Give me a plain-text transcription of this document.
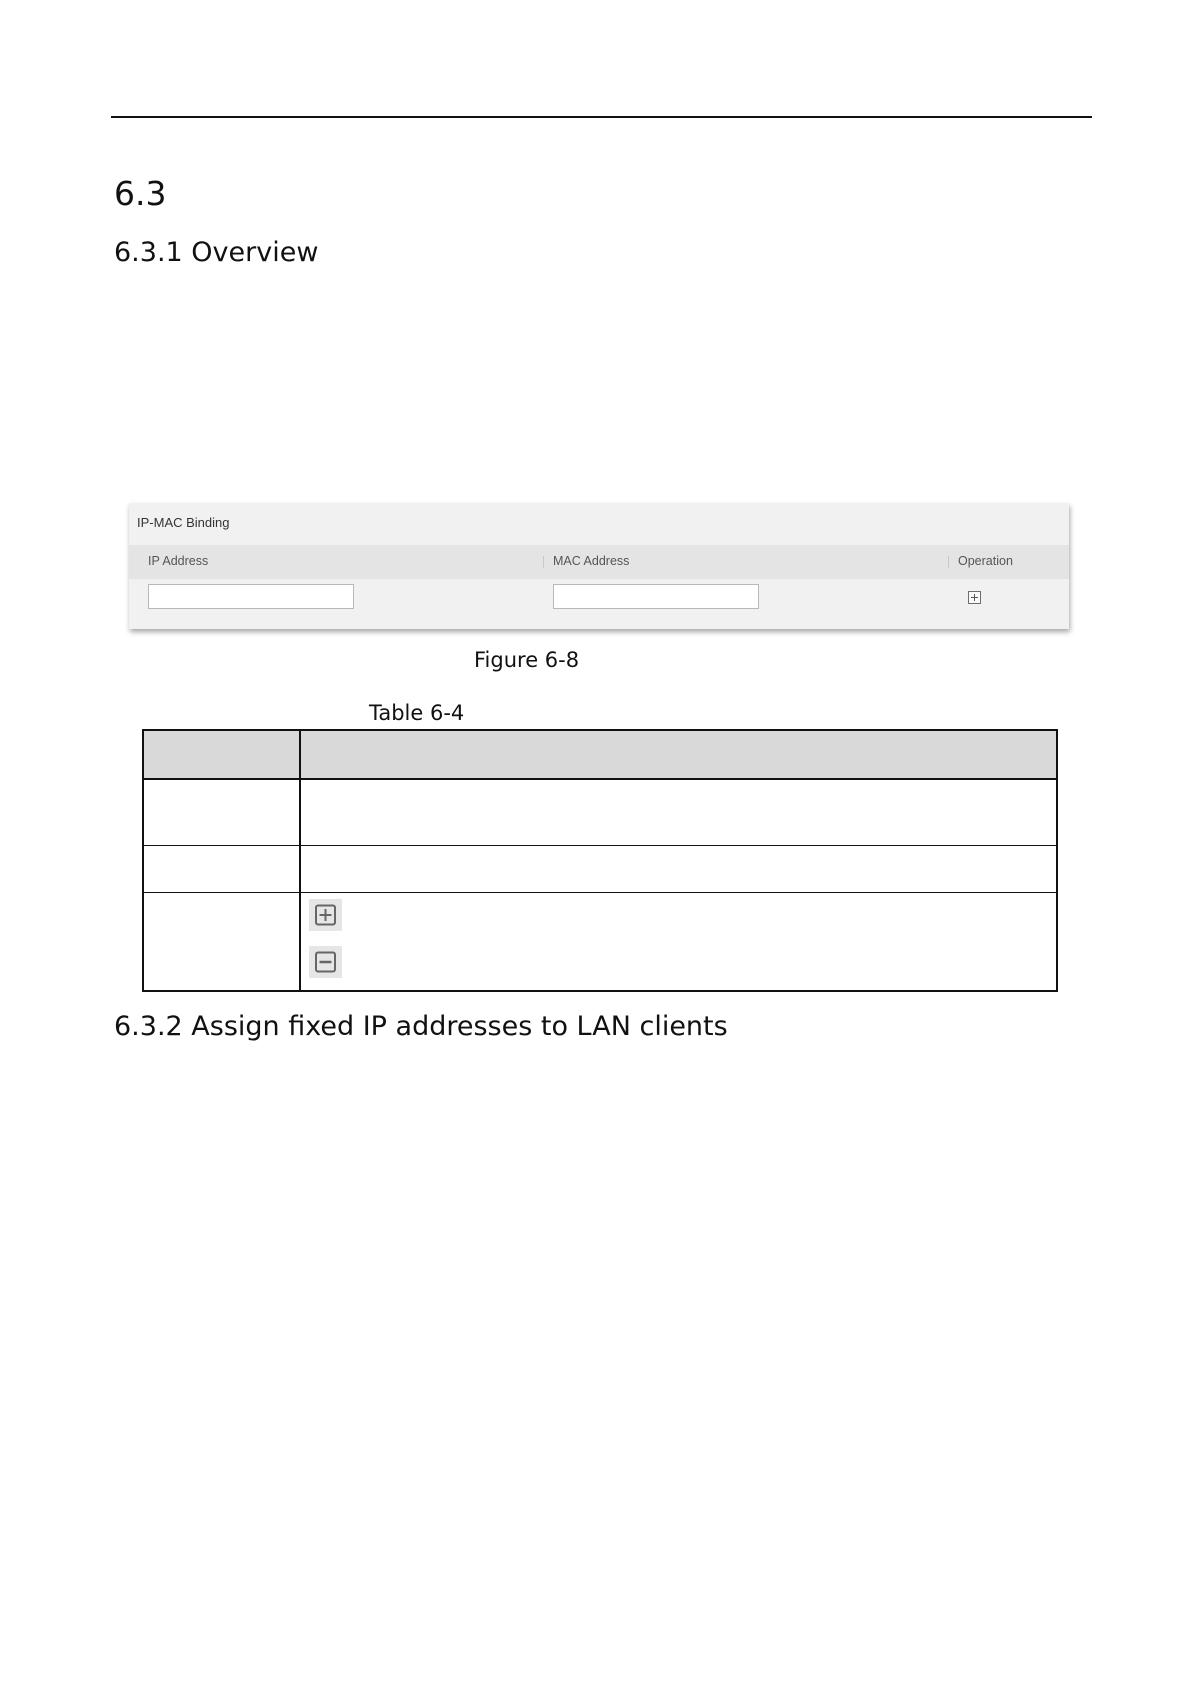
6.3
6.3.1 Overview
IP-MAC Binding
IP Address	MAC Address	Operation
Figure 6-8
Table 6-4
6.3.2 Assign fixed IP addresses to LAN clients
